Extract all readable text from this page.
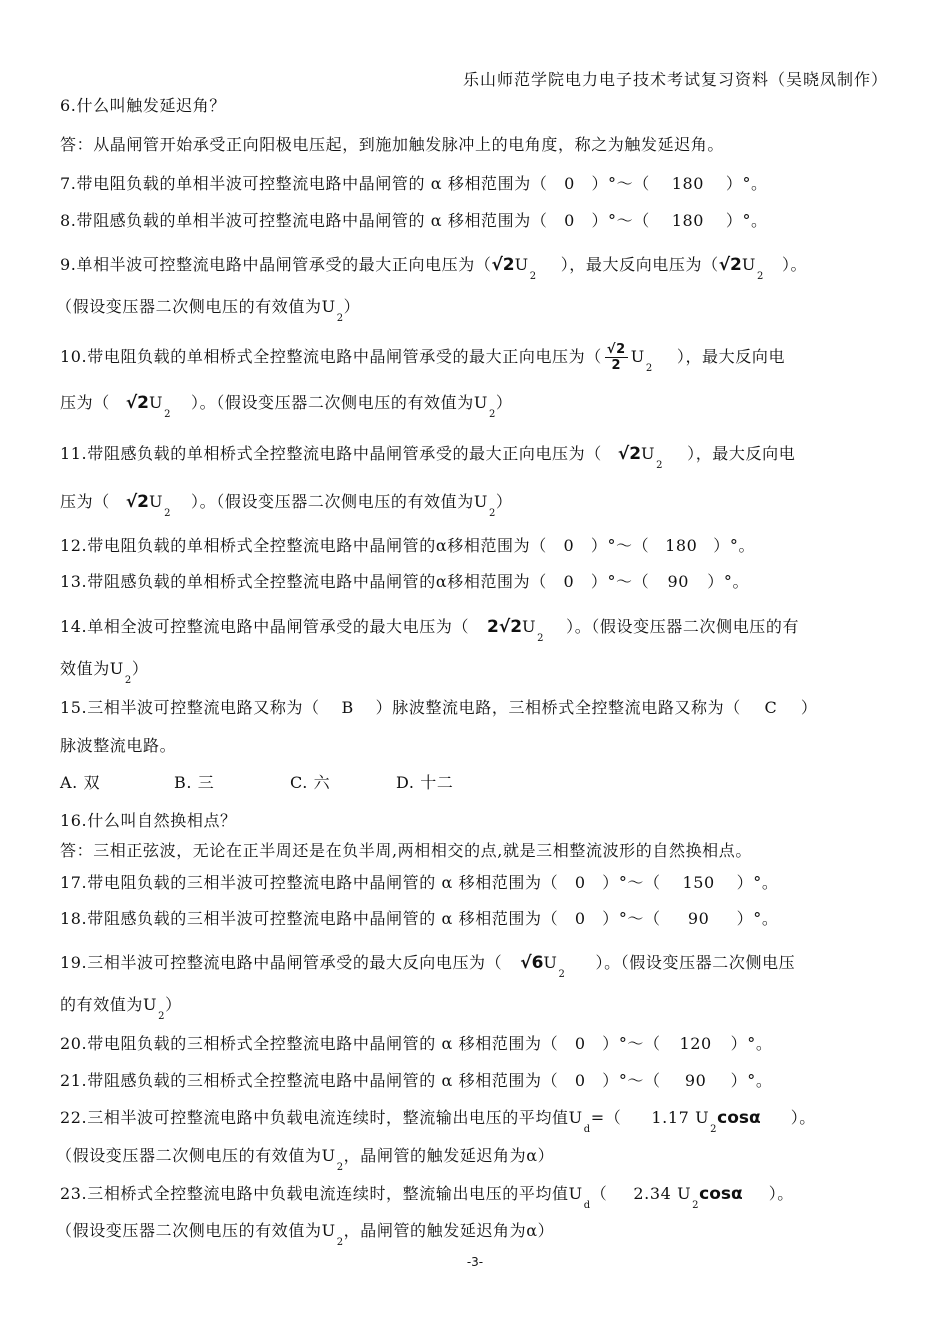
乐山师范学院电力电子技术考试复习资料（吴晓凤制作）
6.什么叫触发延迟角？
答：从晶闸管开始承受正向阳极电压起，到施加触发脉冲上的电角度，称之为触发延迟角。
7.带电阻负载的单相半波可控整流电路中晶闸管的 α 移相范围为（ 0 ）°～（ 180 ）°。
8.带阻感负载的单相半波可控整流电路中晶闸管的 α 移相范围为（ 0 ）°～（ 180 ）°。
9.单相半波可控整流电路中晶闸管承受的最大正向电压为$(√2U_2)$，最大反向电压为$(√2U_2)$。
（假设变压器二次侧电压的有效值为$U_2$）
10.带电阻负载的单相桥式全控整流电路中晶闸管承受的最大正向电压为（ $\frac{√2}{2} U_2$），最大反向电
压为（ $√2U_2$）。（假设变压器二次侧电压的有效值为$U_2$）
11.带阻感负载的单相桥式全控整流电路中晶闸管承受的最大正向电压为（ $√2U_2$），最大反向电
压为（ $√2U_2$）。（假设变压器二次侧电压的有效值为$U_2$）
12.带电阻负载的单相桥式全控整流电路中晶闸管的α移相范围为（ 0 ）°～（ 180 ）°。
13.带阻感负载的单相桥式全控整流电路中晶闸管的α移相范围为（ 0 ）°～（ 90 ）°。
14.单相全波可控整流电路中晶闸管承受的最大电压为（ $2√2U_2$）。（假设变压器二次侧电压的有
效值为$U_2$）
15.三相半波可控整流电路又称为（ B ）脉波整流电路，三相桥式全控整流电路又称为（ C ）
脉波整流电路。
A. 双	B. 三	C. 六	D. 十二
16.什么叫自然换相点？
答：三相正弦波，无论在正半周还是在负半周,两相相交的点,就是三相整流波形的自然换相点。
17.带电阻负载的三相半波可控整流电路中晶闸管的 α 移相范围为（ 0 ）°～（ 150 ）°。
18.带阻感负载的三相半波可控整流电路中晶闸管的 α 移相范围为（ 0 ）°～（ 90 ）°。
19.三相半波可控整流电路中晶闸管承受的最大反向电压为（ $√6U_2$）。（假设变压器二次侧电压
的有效值为$U_2$）
20.带电阻负载的三相桥式全控整流电路中晶闸管的 α 移相范围为（ 0 ）°～（ 120 ）°。
21.带阻感负载的三相桥式全控整流电路中晶闸管的 α 移相范围为（ 0 ）°～（ 90 ）°。
22.三相半波可控整流电路中负载电流连续时，整流输出电压的平均值$U_d=$（ 1.17 $U_2\cos\alpha$ ）。
（假设变压器二次侧电压的有效值为$U_2$，晶闸管的触发延迟角为α）
23.三相桥式全控整流电路中负载电流连续时，整流输出电压的平均值$U_d$（ 2.34 $U_2\cos\alpha$ ）。
（假设变压器二次侧电压的有效值为$U_2$，晶闸管的触发延迟角为α）
-3-
